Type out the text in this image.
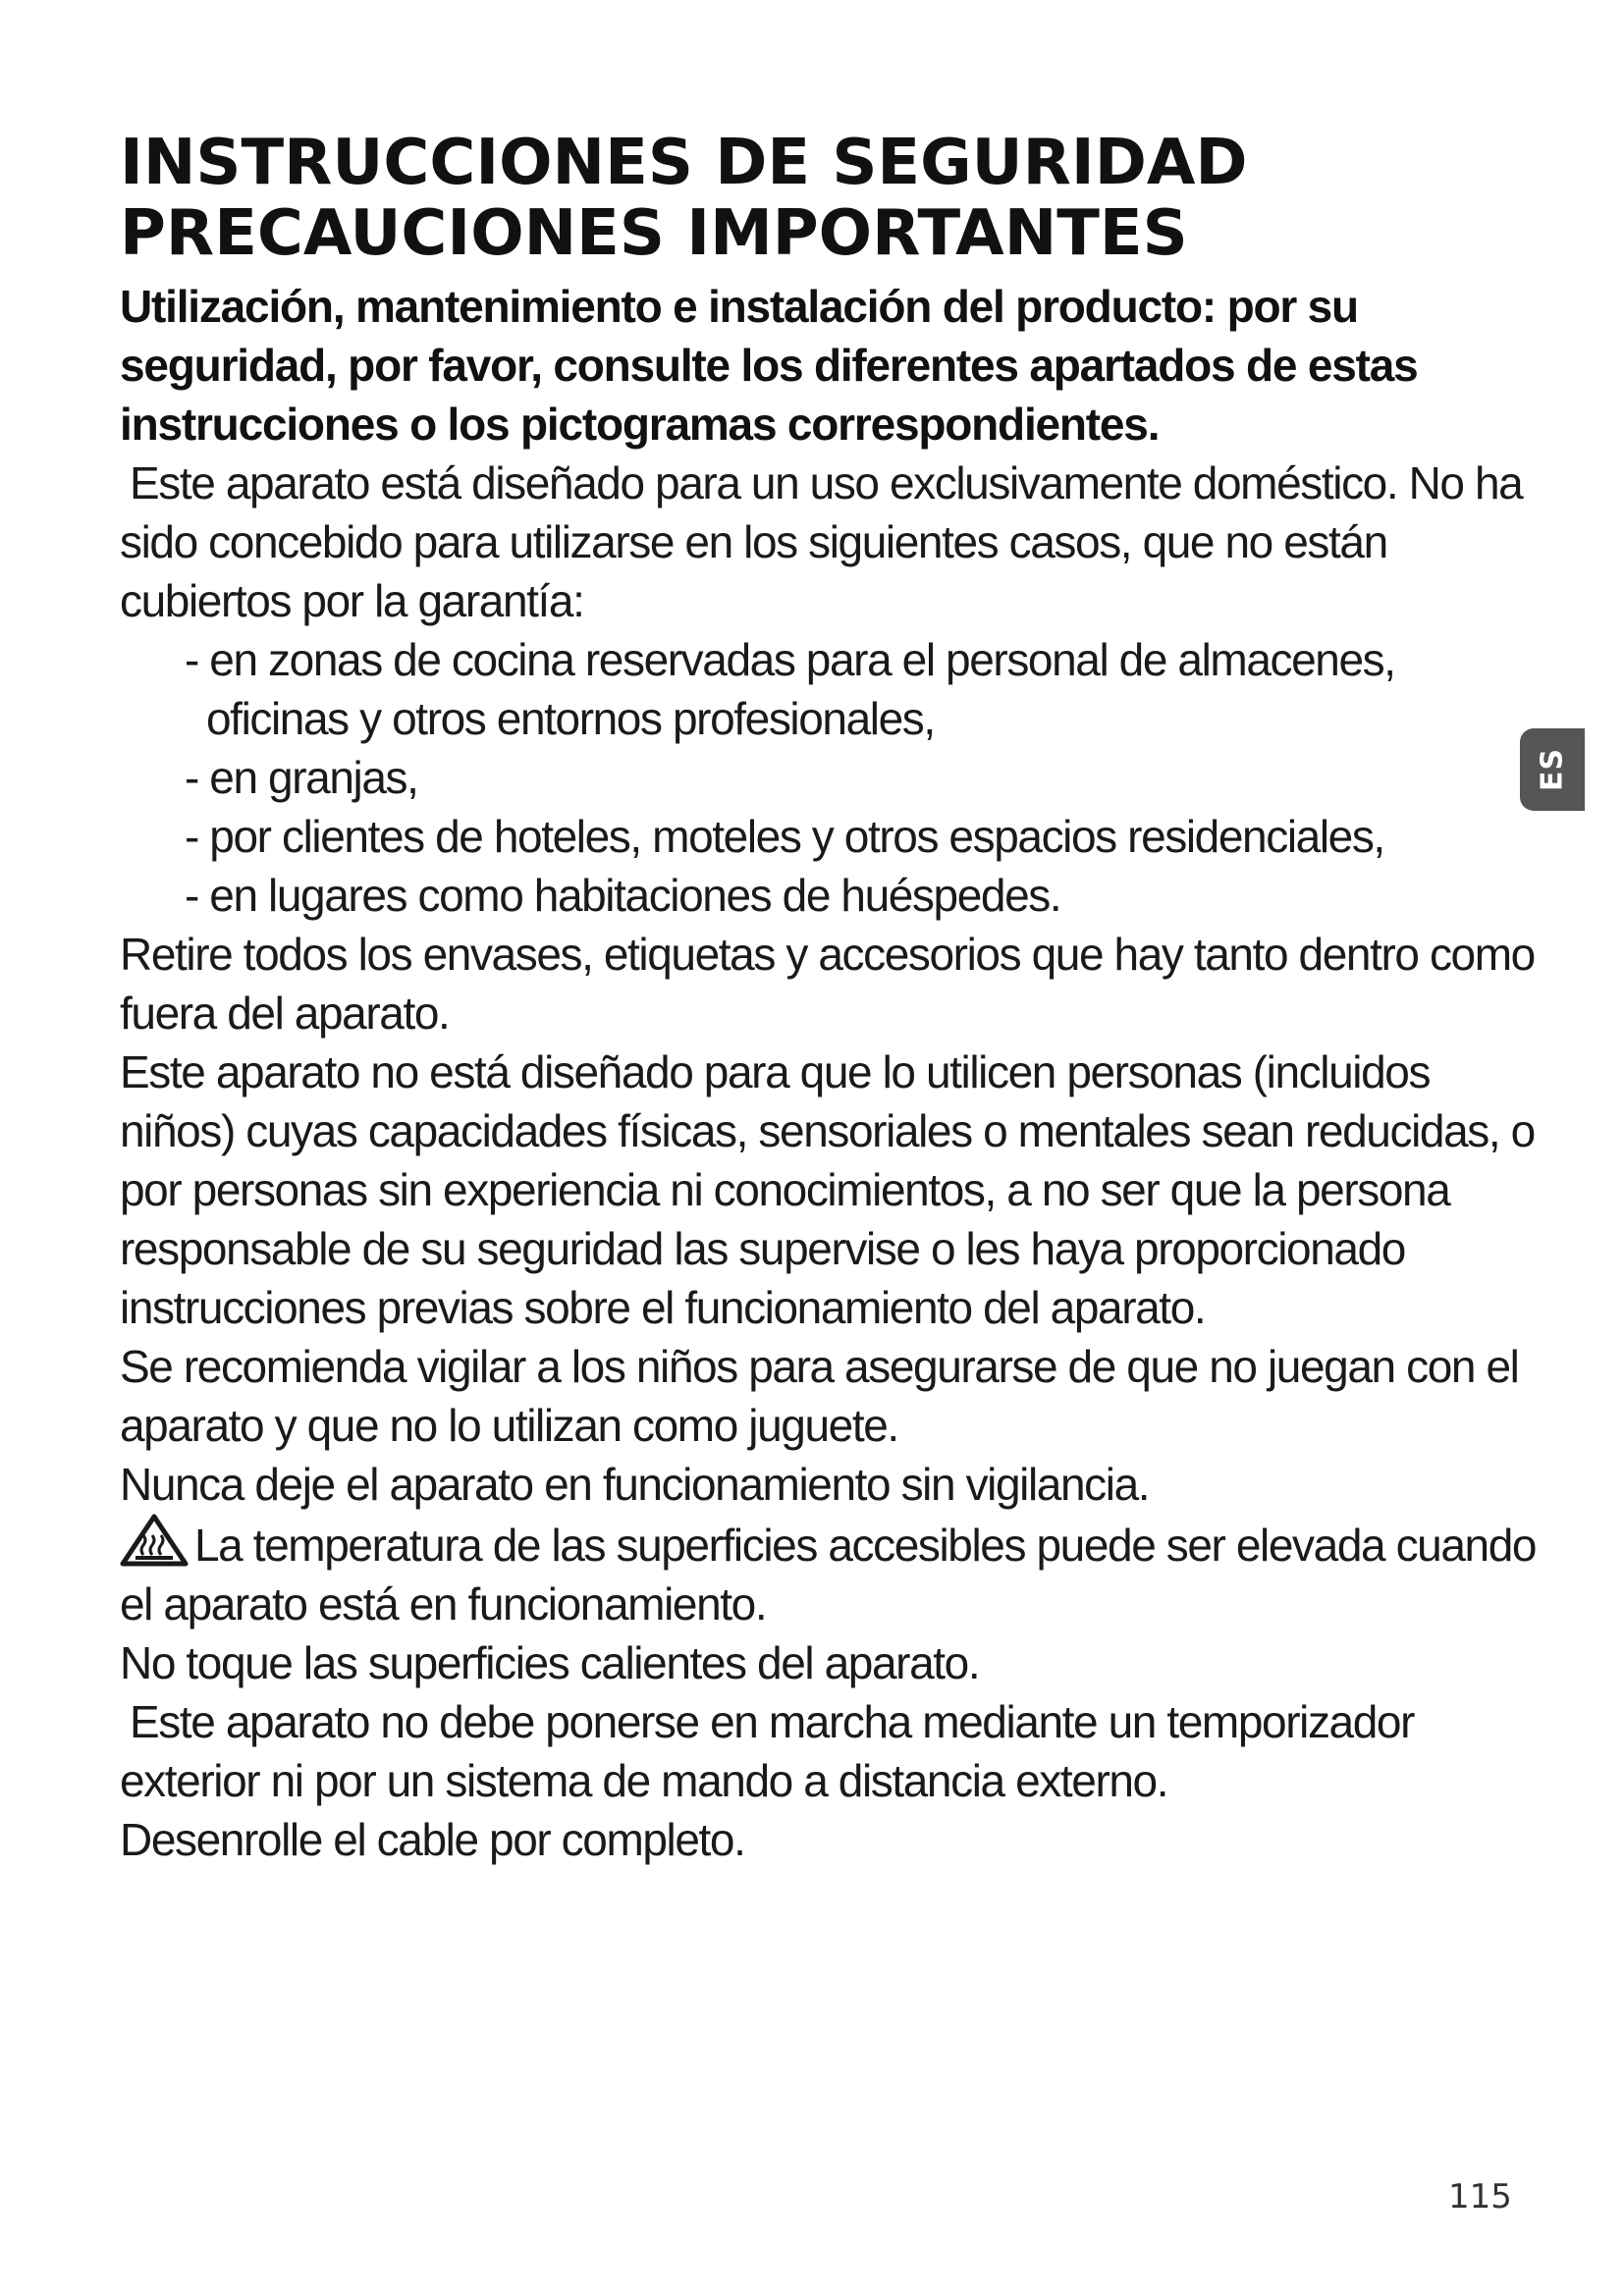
INSTRUCCIONES DE SEGURIDAD
PRECAUCIONES IMPORTANTES

Utilización, mantenimiento e instalación del producto: por su seguridad, por favor, consulte los diferentes apartados de estas instrucciones o los pictogramas correspondientes.

Este aparato está diseñado para un uso exclusivamente doméstico. No ha sido concebido para utilizarse en los siguientes casos, que no están cubiertos por la garantía:

- en zonas de cocina reservadas para el personal de almacenes, oficinas y otros entornos profesionales,
- en granjas,
- por clientes de hoteles, moteles y otros espacios residenciales,
- en lugares como habitaciones de huéspedes.

Retire todos los envases, etiquetas y accesorios que hay tanto dentro como fuera del aparato.

Este aparato no está diseñado para que lo utilicen personas (incluidos niños) cuyas capacidades físicas, sensoriales o mentales sean reducidas, o por personas sin experiencia ni conocimientos, a no ser que la persona responsable de su seguridad las supervise o les haya proporcionado instrucciones previas sobre el funcionamiento del aparato.

Se recomienda vigilar a los niños para asegurarse de que no juegan con el aparato y que no lo utilizan como juguete.

Nunca deje el aparato en funcionamiento sin vigilancia.

La temperatura de las superficies accesibles puede ser elevada cuando el aparato está en funcionamiento.

No toque las superficies calientes del aparato.

Este aparato no debe ponerse en marcha mediante un temporizador exterior ni por un sistema de mando a distancia externo.

Desenrolle el cable por completo.

ES
115
